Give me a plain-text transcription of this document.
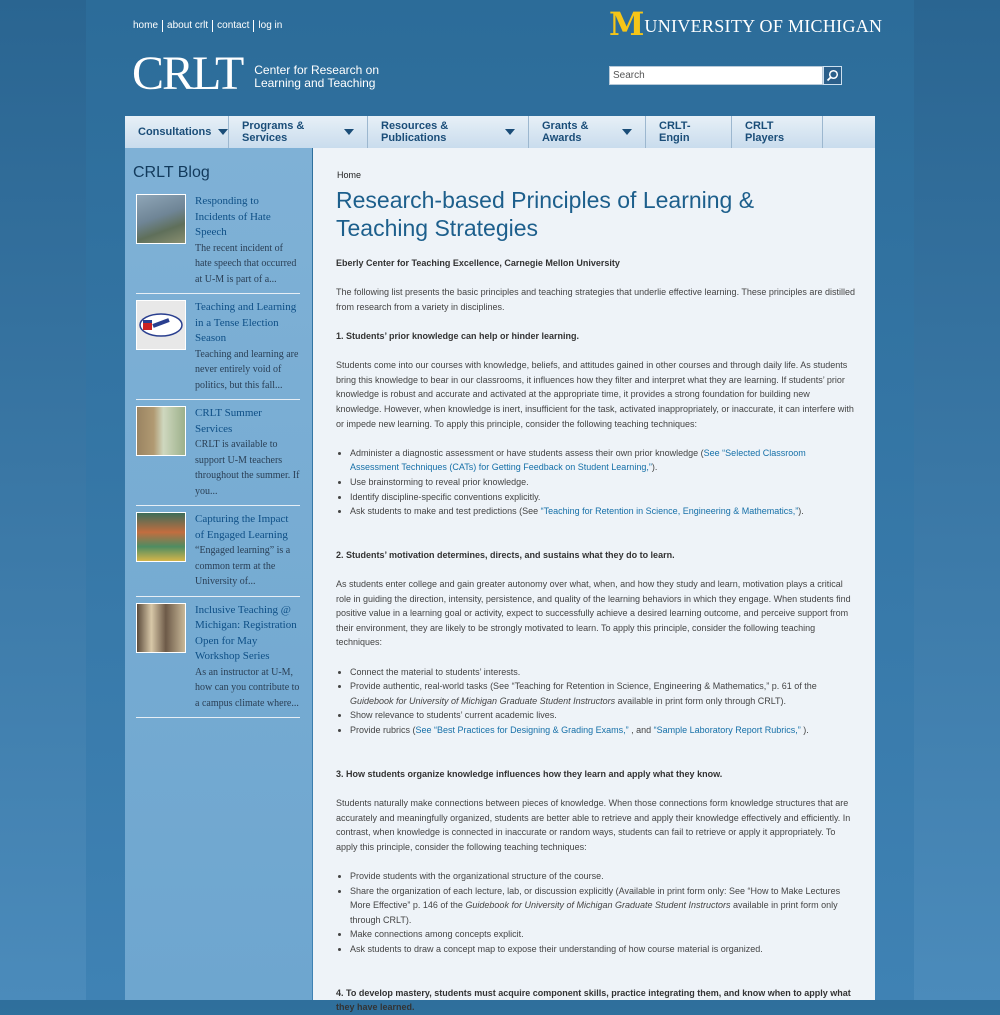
home about crlt contact log in	M UNIVERSITY OF MICHIGAN
CRLT Center for Research on Learning and Teaching
Search
Consultations	Programs & Services
Resources & Publications
Grants & Awards
CRLT-Engin
CRLT Players
CRLT Blog
Responding to Incidents of Hate Speech
The recent incident of hate speech that occurred at U-M is part of a...
Teaching and Learning in a Tense Election Season
Teaching and learning are never entirely void of politics, but this fall...
CRLT Summer Services
CRLT is available to support U-M teachers throughout the summer. If you...
Capturing the Impact of Engaged Learning
“Engaged learning” is a common term at the University of...
Inclusive Teaching @ Michigan: Registration Open for May Workshop Series
As an instructor at U-M, how can you contribute to a campus climate where...
Home
Research-based Principles of Learning & Teaching Strategies

Eberly Center for Teaching Excellence, Carnegie Mellon University

The following list presents the basic principles and teaching strategies that underlie effective learning. These principles are distilled from research from a variety in disciplines.

1. Students’ prior knowledge can help or hinder learning.

Students come into our courses with knowledge, beliefs, and attitudes gained in other courses and through daily life. As students bring this knowledge to bear in our classrooms, it influences how they filter and interpret what they are learning. If students’ prior knowledge is robust and accurate and activated at the appropriate time, it provides a strong foundation for building new knowledge. However, when knowledge is inert, insufficient for the task, activated inappropriately, or inaccurate, it can interfere with or impede new learning. To apply this principle, consider the following teaching techniques:

• Administer a diagnostic assessment or have students assess their own prior knowledge (See “Selected Classroom Assessment Techniques (CATs) for Getting Feedback on Student Learning,”).
• Use brainstorming to reveal prior knowledge.
• Identify discipline-specific conventions explicitly.
• Ask students to make and test predictions (See “Teaching for Retention in Science, Engineering & Mathematics,”).

2. Students’ motivation determines, directs, and sustains what they do to learn.

As students enter college and gain greater autonomy over what, when, and how they study and learn, motivation plays a critical role in guiding the direction, intensity, persistence, and quality of the learning behaviors in which they engage. When students find positive value in a learning goal or activity, expect to successfully achieve a desired learning outcome, and perceive support from their environment, they are likely to be strongly motivated to learn. To apply this principle, consider the following teaching techniques:

• Connect the material to students’ interests.
• Provide authentic, real-world tasks (See “Teaching for Retention in Science, Engineering & Mathematics,” p. 61 of the Guidebook for University of Michigan Graduate Student Instructors available in print form only through CRLT).
• Show relevance to students’ current academic lives.
• Provide rubrics (See “Best Practices for Designing & Grading Exams,” , and “Sample Laboratory Report Rubrics,” ).

3. How students organize knowledge influences how they learn and apply what they know.

Students naturally make connections between pieces of knowledge. When those connections form knowledge structures that are accurately and meaningfully organized, students are better able to retrieve and apply their knowledge effectively and efficiently. In contrast, when knowledge is connected in inaccurate or random ways, students can fail to retrieve or apply it appropriately. To apply this principle, consider the following teaching techniques:

• Provide students with the organizational structure of the course.
• Share the organization of each lecture, lab, or discussion explicitly (Available in print form only: See “How to Make Lectures More Effective” p. 146 of the Guidebook for University of Michigan Graduate Student Instructors available in print form only through CRLT).
• Make connections among concepts explicit.
• Ask students to draw a concept map to expose their understanding of how course material is organized.

4. To develop mastery, students must acquire component skills, practice integrating them, and know when to apply what they have learned.
